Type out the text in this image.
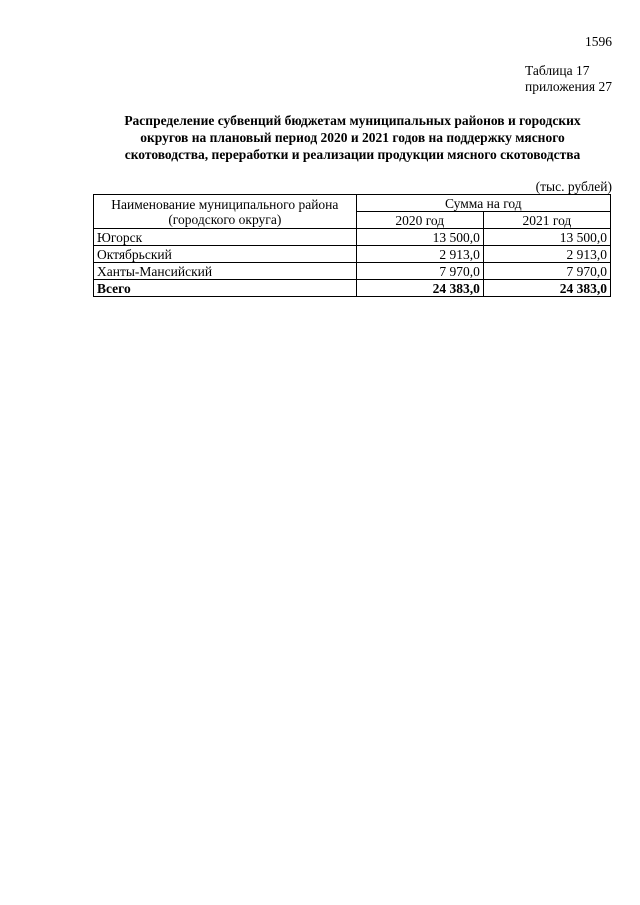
1596
Таблица 17
приложения 27
Распределение субвенций бюджетам муниципальных районов и городских
округов на плановый период 2020 и 2021 годов на поддержку мясного
скотоводства, переработки и реализации продукции мясного скотоводства
(тыс. рублей)
Наименование муниципального района
(городского округа)	Сумма на год	
	2020 год	2021 год
Югорск	13 500,0	13 500,0
Октябрьский	2 913,0	2 913,0
Ханты-Мансийский	7 970,0	7 970,0
Всего	24 383,0	24 383,0
